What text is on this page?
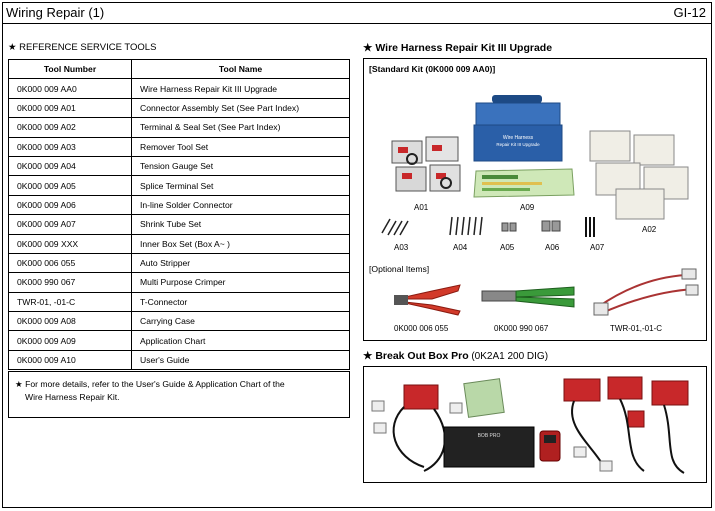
Wiring Repair (1)	GI-12
★ REFERENCE SERVICE TOOLS
Tool Number	Tool Name
0K000 009 AA0	Wire Harness Repair Kit III Upgrade
0K000 009 A01	Connector Assembly Set (See Part Index)
0K000 009 A02	Terminal & Seal Set (See Part Index)
0K000 009 A03	Remover Tool Set
0K000 009 A04	Tension Gauge Set
0K000 009 A05	Splice Terminal Set
0K000 009 A06	In-line Solder Connector
0K000 009 A07	Shrink Tube Set
0K000 009 XXX	Inner Box Set (Box A~ )
0K000 006 055	Auto Stripper
0K000 990 067	Multi Purpose Crimper
TWR-01, -01-C	T-Connector
0K000 009 A08	Carrying Case
0K000 009 A09	Application Chart
0K000 009 A10	User's Guide
★ For more details, refer to the User's Guide & Application Chart of the
Wire Harness Repair Kit.
★ Wire Harness Repair Kit III Upgrade
[Standard Kit (0K000 009 AA0)]
Wire Harness
Repair Kit III Upgrade
A01	A09
A02
A03	A04	A05	A06	A07
[Optional Items]
0K000 006 055	0K000 990 067	TWR-01,-01-C
★ Break Out Box Pro (0K2A1 200 DIG)
BOB PRO
